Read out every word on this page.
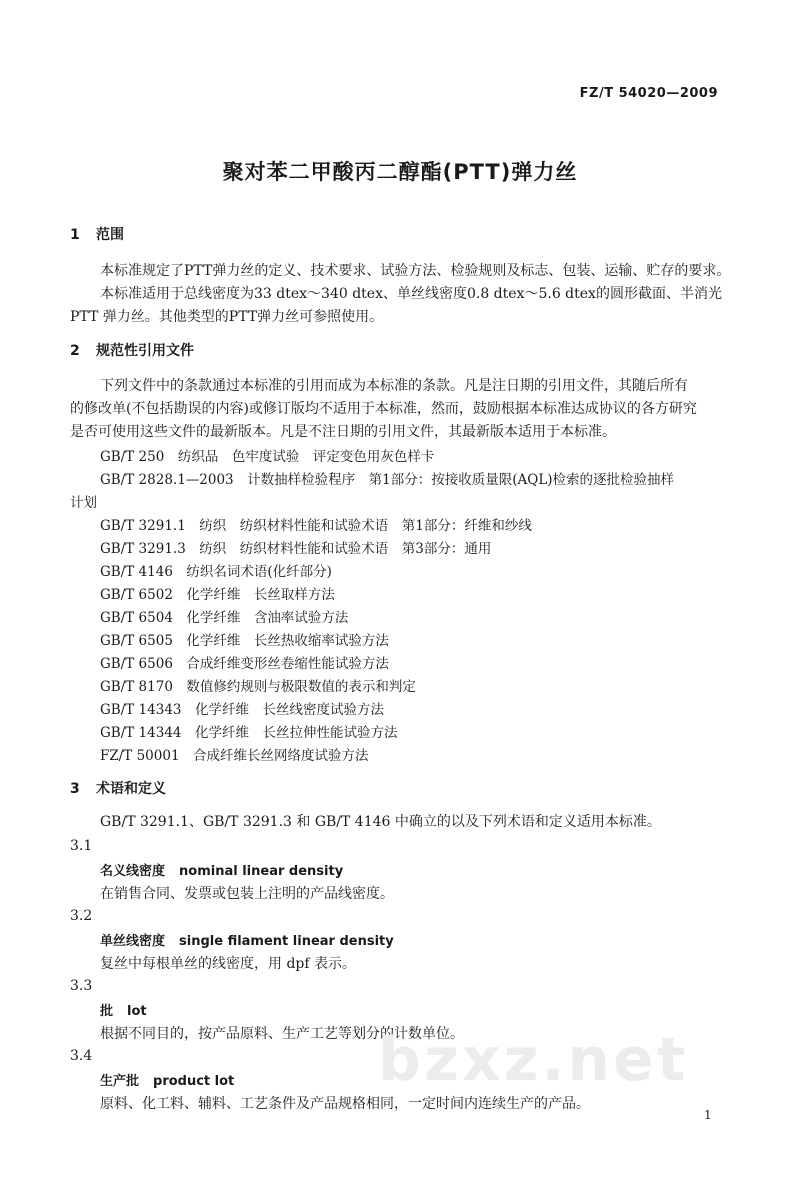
FZ/T 54020—2009
聚对苯二甲酸丙二醇酯(PTT)弹力丝
1 范围
本标准规定了PTT弹力丝的定义、技术要求、试验方法、检验规则及标志、包装、运输、贮存的要求。
本标准适用于总线密度为33 dtex～340 dtex、单丝线密度0.8 dtex～5.6 dtex的圆形截面、半消光
PTT 弹力丝。其他类型的PTT弹力丝可参照使用。
2 规范性引用文件
下列文件中的条款通过本标准的引用而成为本标准的条款。凡是注日期的引用文件，其随后所有
的修改单(不包括勘误的内容)或修订版均不适用于本标准，然而，鼓励根据本标准达成协议的各方研究
是否可使用这些文件的最新版本。凡是不注日期的引用文件，其最新版本适用于本标准。
GB/T 250　纺织品　色牢度试验　评定变色用灰色样卡
GB/T 2828.1—2003　计数抽样检验程序　第1部分：按接收质量限(AQL)检索的逐批检验抽样
计划
GB/T 3291.1　纺织　纺织材料性能和试验术语　第1部分：纤维和纱线
GB/T 3291.3　纺织　纺织材料性能和试验术语　第3部分：通用
GB/T 4146　纺织名词术语(化纤部分)
GB/T 6502　化学纤维　长丝取样方法
GB/T 6504　化学纤维　含油率试验方法
GB/T 6505　化学纤维　长丝热收缩率试验方法
GB/T 6506　合成纤维变形丝卷缩性能试验方法
GB/T 8170　数值修约规则与极限数值的表示和判定
GB/T 14343　化学纤维　长丝线密度试验方法
GB/T 14344　化学纤维　长丝拉伸性能试验方法
FZ/T 50001　合成纤维长丝网络度试验方法
3 术语和定义
GB/T 3291.1、GB/T 3291.3 和 GB/T 4146 中确立的以及下列术语和定义适用本标准。
3.1
名义线密度 nominal linear density
在销售合同、发票或包装上注明的产品线密度。
3.2
单丝线密度 single filament linear density
复丝中每根单丝的线密度，用 dpf 表示。
3.3
批 lot
根据不同目的，按产品原料、生产工艺等划分的计数单位。
bzxz.net
3.4
生产批 product lot
原料、化工料、辅料、工艺条件及产品规格相同，一定时间内连续生产的产品。
1
